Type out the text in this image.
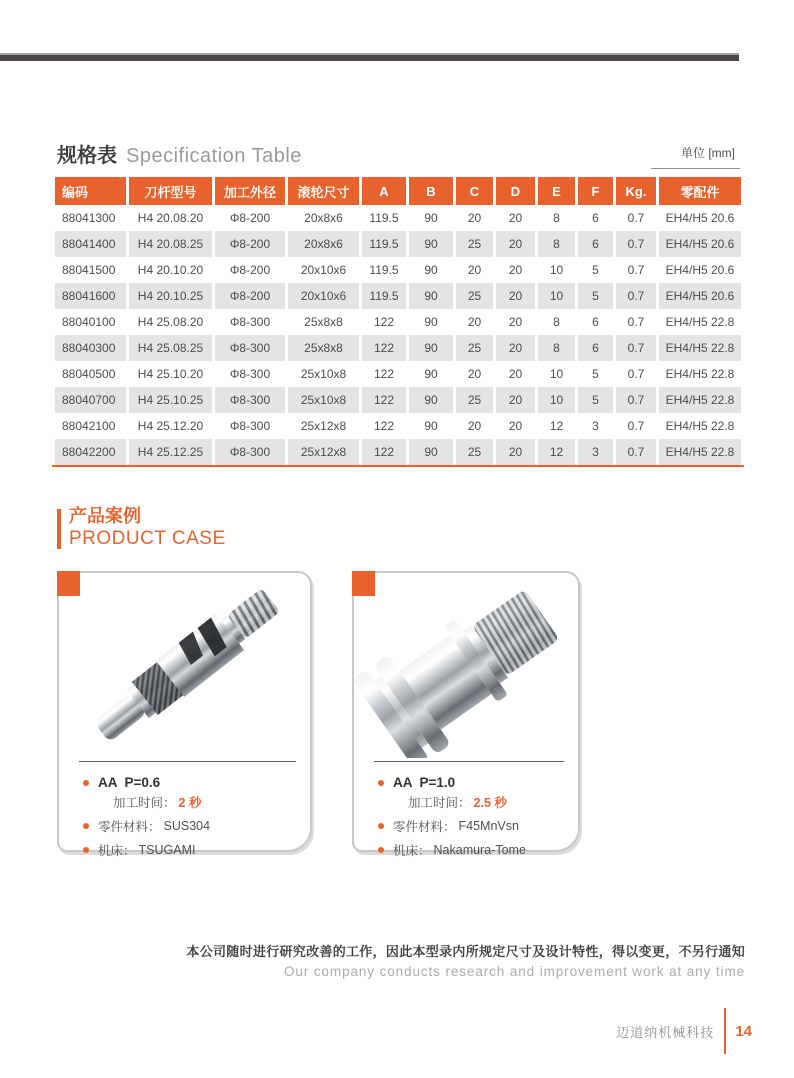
规格表 Specification Table	单位 [mm]
编码	刀杆型号	加工外径	滚轮尺寸	A	B	C	D	E	F	Kg.	零配件
88041300	H4 20.08.20	Φ8-200	20x8x6	119.5	90	20	20	8	6	0.7	EH4/H5 20.6
88041400	H4 20.08.25	Φ8-200	20x8x6	119.5	90	25	20	8	6	0.7	EH4/H5 20.6
88041500	H4 20.10.20	Φ8-200	20x10x6	119.5	90	20	20	10	5	0.7	EH4/H5 20.6
88041600	H4 20.10.25	Φ8-200	20x10x6	119.5	90	25	20	10	5	0.7	EH4/H5 20.6
88040100	H4 25.08.20	Φ8-300	25x8x8	122	90	20	20	8	6	0.7	EH4/H5 22.8
88040300	H4 25.08.25	Φ8-300	25x8x8	122	90	25	20	8	6	0.7	EH4/H5 22.8
88040500	H4 25.10.20	Φ8-300	25x10x8	122	90	20	20	10	5	0.7	EH4/H5 22.8
88040700	H4 25.10.25	Φ8-300	25x10x8	122	90	25	20	10	5	0.7	EH4/H5 22.8
88042100	H4 25.12.20	Φ8-300	25x12x8	122	90	20	20	12	3	0.7	EH4/H5 22.8
88042200	H4 25.12.25	Φ8-300	25x12x8	122	90	25	20	12	3	0.7	EH4/H5 22.8
产品案例
PRODUCT CASE
AA  P=0.6
加工时间： 2 秒
零件材料： SUS304
机床： TSUGAMI
AA  P=1.0
加工时间： 2.5 秒
零件材料： F45MnVsn
机床： Nakamura-Tome
本公司随时进行研究改善的工作，因此本型录内所规定尺寸及设计特性，得以变更，不另行通知
Our company conducts research and improvement work at any time
迈道纳机械科技 14
